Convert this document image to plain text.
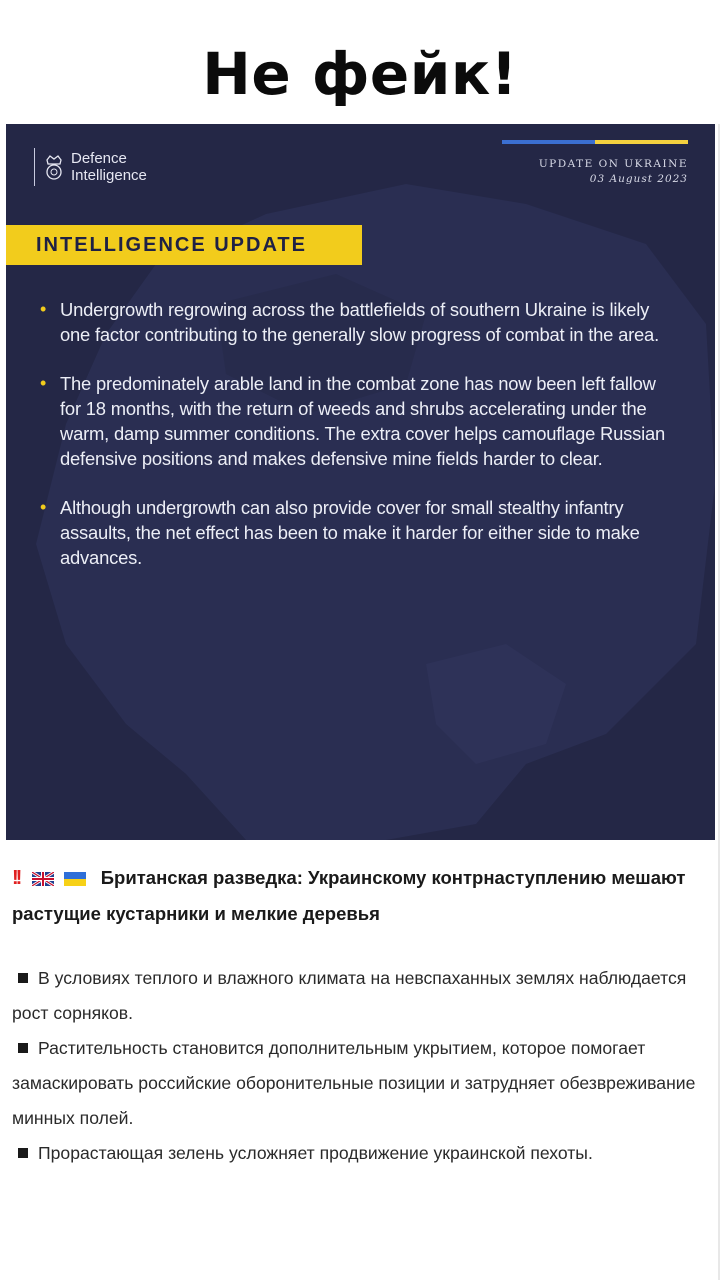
Не фейк!
Defence
Intelligence
UPDATE ON UKRAINE
03 August 2023
INTELLIGENCE UPDATE
• Undergrowth regrowing across the battlefields of southern Ukraine is likely one factor contributing to the generally slow progress of combat in the area.
• The predominately arable land in the combat zone has now been left fallow for 18 months, with the return of weeds and shrubs accelerating under the warm, damp summer conditions. The extra cover helps camouflage Russian defensive positions and makes defensive mine fields harder to clear.
• Although undergrowth can also provide cover for small stealthy infantry assaults, the net effect has been to make it harder for either side to make advances.

!!	Британская разведка: Украинскому контрнаступлению мешают растущие кустарники и мелкие деревья

В условиях теплого и влажного климата на невспаханных землях наблюдается рост сорняков.

Растительность становится дополнительным укрытием, которое помогает замаскировать российские оборонительные позиции и затрудняет обезвреживание минных полей.

Прорастающая зелень усложняет продвижение украинской пехоты.
